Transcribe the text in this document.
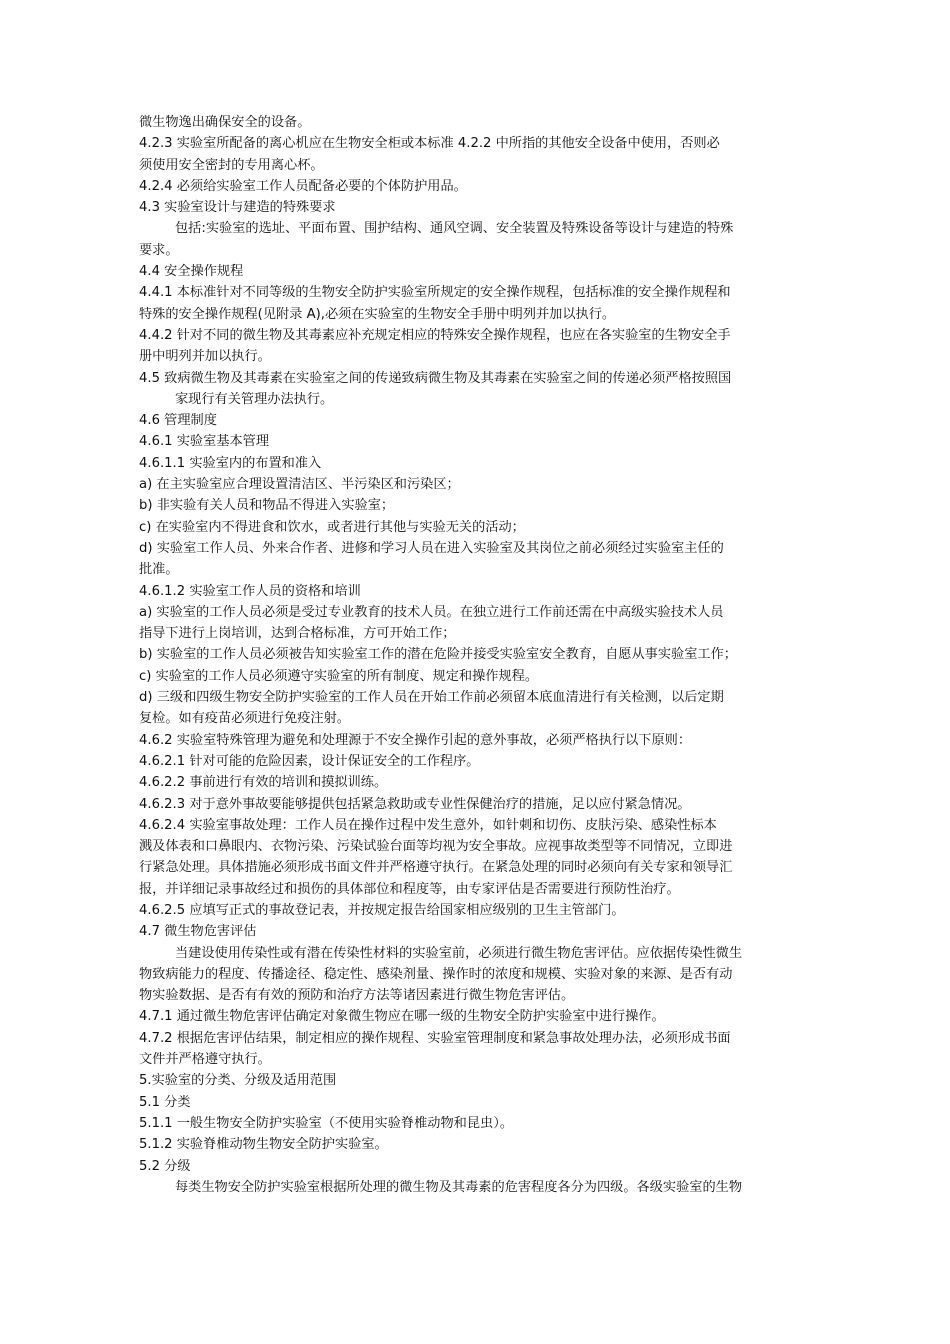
微生物逸出确保安全的设备。
4.2.3 实验室所配备的离心机应在生物安全柜或本标准 4.2.2 中所指的其他安全设备中使用，否则必
须使用安全密封的专用离心杯。
4.2.4 必须给实验室工作人员配备必要的个体防护用品。
4.3 实验室设计与建造的特殊要求
包括:实验室的选址、平面布置、围护结构、通风空调、安全装置及特殊设备等设计与建造的特殊
要求。
4.4 安全操作规程
4.4.1 本标准针对不同等级的生物安全防护实验室所规定的安全操作规程，包括标准的安全操作规程和
特殊的安全操作规程(见附录 A),必须在实验室的生物安全手册中明列并加以执行。
4.4.2 针对不同的微生物及其毒素应补充规定相应的特殊安全操作规程，也应在各实验室的生物安全手
册中明列并加以执行。
4.5 致病微生物及其毒素在实验室之间的传递致病微生物及其毒素在实验室之间的传递必须严格按照国
家现行有关管理办法执行。
4.6 管理制度
4.6.1 实验室基本管理
4.6.1.1 实验室内的布置和准入
a) 在主实验室应合理设置清洁区、半污染区和污染区；
b) 非实验有关人员和物品不得进入实验室；
c) 在实验室内不得进食和饮水，或者进行其他与实验无关的活动；
d) 实验室工作人员、外来合作者、进修和学习人员在进入实验室及其岗位之前必须经过实验室主任的
批准。
4.6.1.2 实验室工作人员的资格和培训
a) 实验室的工作人员必须是受过专业教育的技术人员。在独立进行工作前还需在中高级实验技术人员
指导下进行上岗培训，达到合格标准，方可开始工作；
b) 实验室的工作人员必须被告知实验室工作的潜在危险并接受实验室安全教育，自愿从事实验室工作；
c) 实验室的工作人员必须遵守实验室的所有制度、规定和操作规程。
d) 三级和四级生物安全防护实验室的工作人员在开始工作前必须留本底血清进行有关检测，以后定期
复检。如有疫苗必须进行免疫注射。
4.6.2 实验室特殊管理为避免和处理源于不安全操作引起的意外事故，必须严格执行以下原则：
4.6.2.1 针对可能的危险因素，设计保证安全的工作程序。
4.6.2.2 事前进行有效的培训和摸拟训练。
4.6.2.3 对于意外事故要能够提供包括紧急救助或专业性保健治疗的措施，足以应付紧急情况。
4.6.2.4 实验室事故处理：工作人员在操作过程中发生意外，如针刺和切伤、皮肤污染、感染性标本
溅及体表和口鼻眼内、衣物污染、污染试验台面等均视为安全事故。应视事故类型等不同情况，立即进
行紧急处理。具体措施必须形成书面文件并严格遵守执行。在紧急处理的同时必须向有关专家和领导汇
报，并详细记录事故经过和损伤的具体部位和程度等，由专家评估是否需要进行预防性治疗。
4.6.2.5 应填写正式的事故登记表，并按规定报告给国家相应级别的卫生主管部门。
4.7 微生物危害评估
当建设使用传染性或有潜在传染性材料的实验室前，必须进行微生物危害评估。应依据传染性微生
物致病能力的程度、传播途径、稳定性、感染剂量、操作时的浓度和规模、实验对象的来源、是否有动
物实验数据、是否有有效的预防和治疗方法等诸因素进行微生物危害评估。
4.7.1 通过微生物危害评估确定对象微生物应在哪一级的生物安全防护实验室中进行操作。
4.7.2 根据危害评估结果，制定相应的操作规程、实验室管理制度和紧急事故处理办法，必须形成书面
文件并严格遵守执行。
5.实验室的分类、分级及适用范围
5.1 分类
5.1.1 一般生物安全防护实验室（不使用实验脊椎动物和昆虫）。
5.1.2 实验脊椎动物生物安全防护实验室。
5.2 分级
每类生物安全防护实验室根据所处理的微生物及其毒素的危害程度各分为四级。各级实验室的生物
